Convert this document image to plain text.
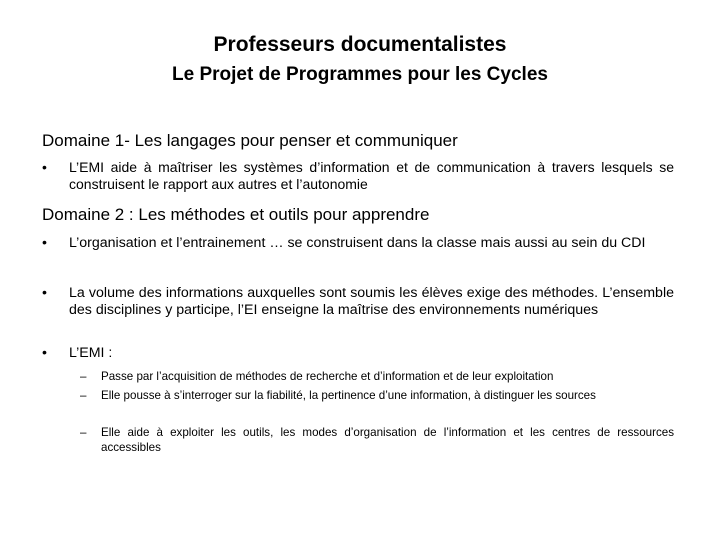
Professeurs documentalistes
Le Projet de Programmes pour les Cycles
Domaine 1- Les langages pour penser et communiquer
•	L’EMI aide à maîtriser les systèmes d’information et de communication à travers lesquels se construisent le rapport aux autres et l’autonomie
Domaine 2 : Les méthodes et outils pour apprendre
•	L’organisation et l’entrainement … se construisent dans la classe mais aussi au sein du CDI
•	La volume des informations auxquelles sont soumis les élèves exige des méthodes. L’ensemble des disciplines y participe, l’EI enseigne la maîtrise des environnements numériques
•	L’EMI :
– Passe par l’acquisition de méthodes de recherche et d’information et de leur exploitation
– Elle pousse à s’interroger sur la fiabilité, la pertinence d’une information, à distinguer les sources
– Elle aide à exploiter les outils, les modes d’organisation de l’information et les centres de ressources accessibles
